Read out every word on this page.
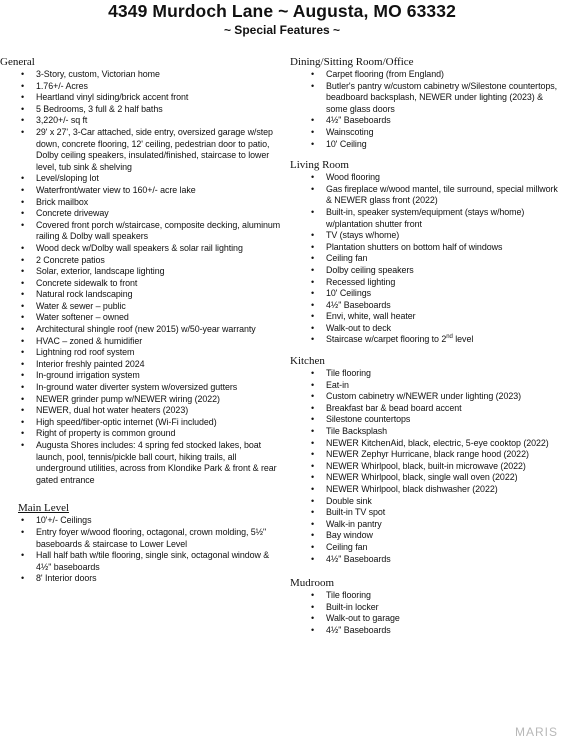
4349 Murdoch Lane ~ Augusta, MO 63332
~ Special Features ~
General
• 3-Story, custom, Victorian home
• 1.76+/- Acres
• Heartland vinyl siding/brick accent front
• 5 Bedrooms, 3 full & 2 half baths
• 3,220+/- sq ft
• 29' x 27', 3-Car attached, side entry, oversized garage w/step down, concrete flooring, 12' ceiling, pedestrian door to patio, Dolby ceiling speakers, insulated/finished, staircase to lower level, tub sink & shelving
• Level/sloping lot
• Waterfront/water view to 160+/- acre lake
• Brick mailbox
• Concrete driveway
• Covered front porch w/staircase, composite decking, aluminum railing & Dolby wall speakers
• Wood deck w/Dolby wall speakers & solar rail lighting
• 2 Concrete patios
• Solar, exterior, landscape lighting
• Concrete sidewalk to front
• Natural rock landscaping
• Water & sewer – public
• Water softener – owned
• Architectural shingle roof (new 2015) w/50-year warranty
• HVAC – zoned & humidifier
• Lightning rod roof system
• Interior freshly painted 2024
• In-ground irrigation system
• In-ground water diverter system w/oversized gutters
• NEWER grinder pump w/NEWER wiring (2022)
• NEWER, dual hot water heaters (2023)
• High speed/fiber-optic internet (Wi-Fi included)
• Right of property is common ground
• Augusta Shores includes: 4 spring fed stocked lakes, boat launch, pool, tennis/pickle ball court, hiking trails, all underground utilities, across from Klondike Park & front & rear gated entrance
Main Level
• 10'+/- Ceilings
• Entry foyer w/wood flooring, octagonal, crown molding, 5½" baseboards & staircase to Lower Level
• Hall half bath w/tile flooring, single sink, octagonal window & 4½" baseboards
• 8' Interior doors
Dining/Sitting Room/Office
• Carpet flooring (from England)
• Butler's pantry w/custom cabinetry w/Silestone countertops, beadboard backsplash, NEWER under lighting (2023) & some glass doors
• 4½" Baseboards
• Wainscoting
• 10' Ceiling
Living Room
• Wood flooring
• Gas fireplace w/wood mantel, tile surround, special millwork & NEWER glass front (2022)
• Built-in, speaker system/equipment (stays w/home) w/plantation shutter front
• TV (stays w/home)
• Plantation shutters on bottom half of windows
• Ceiling fan
• Dolby ceiling speakers
• Recessed lighting
• 10' Ceilings
• 4½" Baseboards
• Envi, white, wall heater
• Walk-out to deck
• Staircase w/carpet flooring to 2nd level
Kitchen
• Tile flooring
• Eat-in
• Custom cabinetry w/NEWER under lighting (2023)
• Breakfast bar & bead board accent
• Silestone countertops
• Tile Backsplash
• NEWER KitchenAid, black, electric, 5-eye cooktop (2022)
• NEWER Zephyr Hurricane, black range hood (2022)
• NEWER Whirlpool, black, built-in microwave (2022)
• NEWER Whirlpool, black, single wall oven (2022)
• NEWER Whirlpool, black dishwasher (2022)
• Double sink
• Built-in TV spot
• Walk-in pantry
• Bay window
• Ceiling fan
• 4½" Baseboards
Mudroom
• Tile flooring
• Built-in locker
• Walk-out to garage
• 4½" Baseboards
MARIS
